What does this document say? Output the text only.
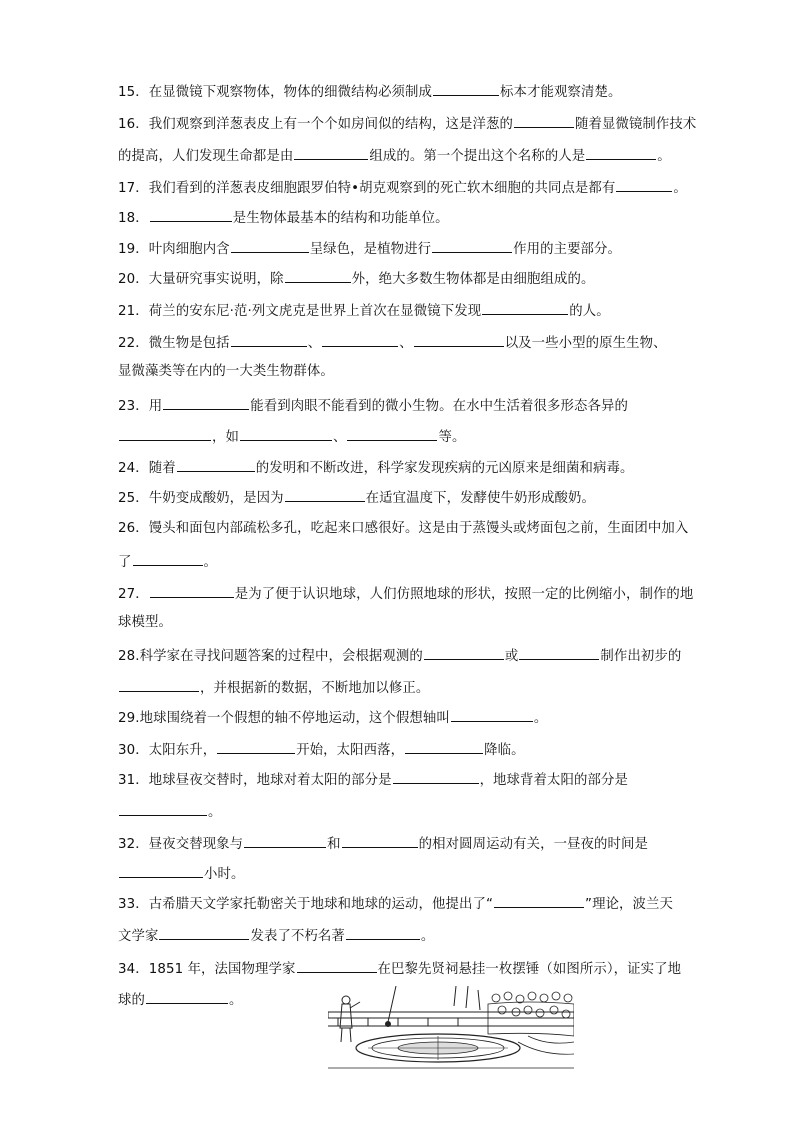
15．在显微镜下观察物体，物体的细微结构必须制成	标本才能观察清楚。
16．我们观察到洋葱表皮上有一个个如房间似的结构，这是洋葱的	随着显微镜制作技术
的提高，人们发现生命都是由	组成的。第一个提出这个名称的人是	。
17．我们看到的洋葱表皮细胞跟罗伯特•胡克观察到的死亡软木细胞的共同点是都有	。
18．	是生物体最基本的结构和功能单位。
19．叶肉细胞内含	呈绿色，是植物进行	作用的主要部分。
20．大量研究事实说明，除	外，绝大多数生物体都是由细胞组成的。
21．荷兰的安东尼·范·列文虎克是世界上首次在显微镜下发现	的人。
22．微生物是包括	、	、	以及一些小型的原生生物、
显微藻类等在内的一大类生物群体。
23．用	能看到肉眼不能看到的微小生物。在水中生活着很多形态各异的
，如	、	等。
24．随着	的发明和不断改进，科学家发现疾病的元凶原来是细菌和病毒。
25．牛奶变成酸奶，是因为	在适宜温度下，发酵使牛奶形成酸奶。
26．馒头和面包内部疏松多孔，吃起来口感很好。这是由于蒸馒头或烤面包之前，生面团中加入
了	。
27．	是为了便于认识地球，人们仿照地球的形状，按照一定的比例缩小，制作的地
球模型。
28.科学家在寻找问题答案的过程中，会根据观测的	或	制作出初步的
，并根据新的数据，不断地加以修正。
29.地球围绕着一个假想的轴不停地运动，这个假想轴叫	。
30．太阳东升，	开始，太阳西落，	降临。
31．地球昼夜交替时，地球对着太阳的部分是	，地球背着太阳的部分是
。
32．昼夜交替现象与	和	的相对圆周运动有关，一昼夜的时间是
小时。
33．古希腊天文学家托勒密关于地球和地球的运动，他提出了“	”理论，波兰天
文学家	发表了不朽名著	。
34．1851 年，法国物理学家	在巴黎先贤祠悬挂一枚摆锤（如图所示），证实了地
球的	。
